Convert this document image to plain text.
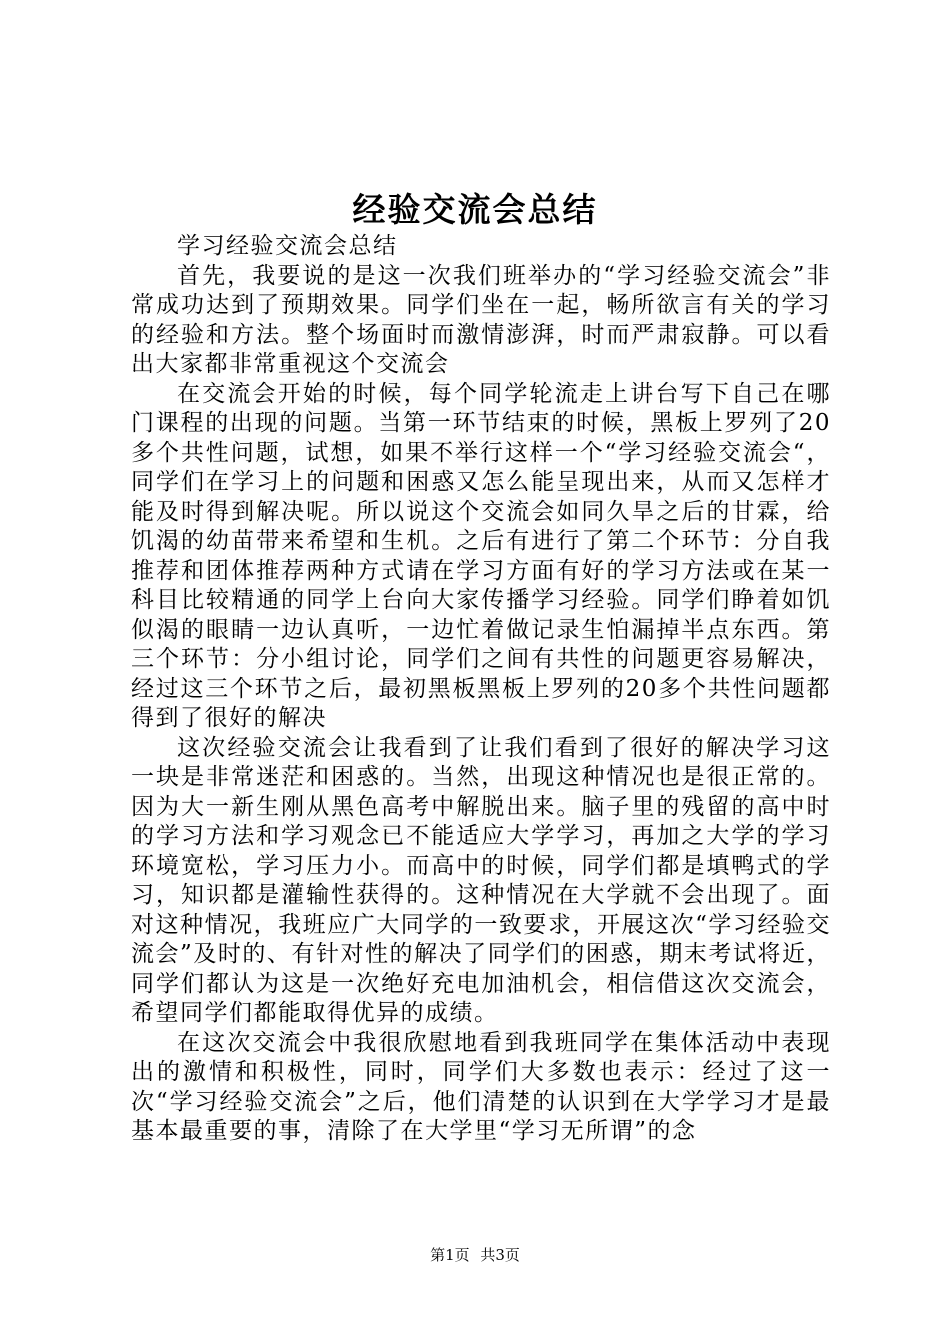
经验交流会总结

学习经验交流会总结

首先，我要说的是这一次我们班举办的“学习经验交流会”非常成功达到了预期效果。同学们坐在一起，畅所欲言有关的学习的经验和方法。整个场面时而激情澎湃，时而严肃寂静。可以看出大家都非常重视这个交流会

在交流会开始的时候，每个同学轮流走上讲台写下自己在哪门课程的出现的问题。当第一环节结束的时候，黑板上罗列了20多个共性问题，试想，如果不举行这样一个“学习经验交流会“，同学们在学习上的问题和困惑又怎么能呈现出来，从而又怎样才能及时得到解决呢。所以说这个交流会如同久旱之后的甘霖，给饥渴的幼苗带来希望和生机。之后有进行了第二个环节：分自我推荐和团体推荐两种方式请在学习方面有好的学习方法或在某一科目比较精通的同学上台向大家传播学习经验。同学们睁着如饥似渴的眼睛一边认真听，一边忙着做记录生怕漏掉半点东西。第三个环节：分小组讨论，同学们之间有共性的问题更容易解决，经过这三个环节之后，最初黑板黑板上罗列的20多个共性问题都得到了很好的解决

这次经验交流会让我看到了让我们看到了很好的解决学习这一块是非常迷茫和困惑的。当然，出现这种情况也是很正常的。因为大一新生刚从黑色高考中解脱出来。脑子里的残留的高中时的学习方法和学习观念已不能适应大学学习，再加之大学的学习环境宽松，学习压力小。而高中的时候，同学们都是填鸭式的学习，知识都是灌输性获得的。这种情况在大学就不会出现了。面对这种情况，我班应广大同学的一致要求，开展这次“学习经验交流会”及时的、有针对性的解决了同学们的困惑，期末考试将近，同学们都认为这是一次绝好充电加油机会，相信借这次交流会，希望同学们都能取得优异的成绩。

在这次交流会中我很欣慰地看到我班同学在集体活动中表现出的激情和积极性，同时，同学们大多数也表示：经过了这一次“学习经验交流会”之后，他们清楚的认识到在大学学习才是最基本最重要的事，清除了在大学里“学习无所谓”的念

第1页 共3页
